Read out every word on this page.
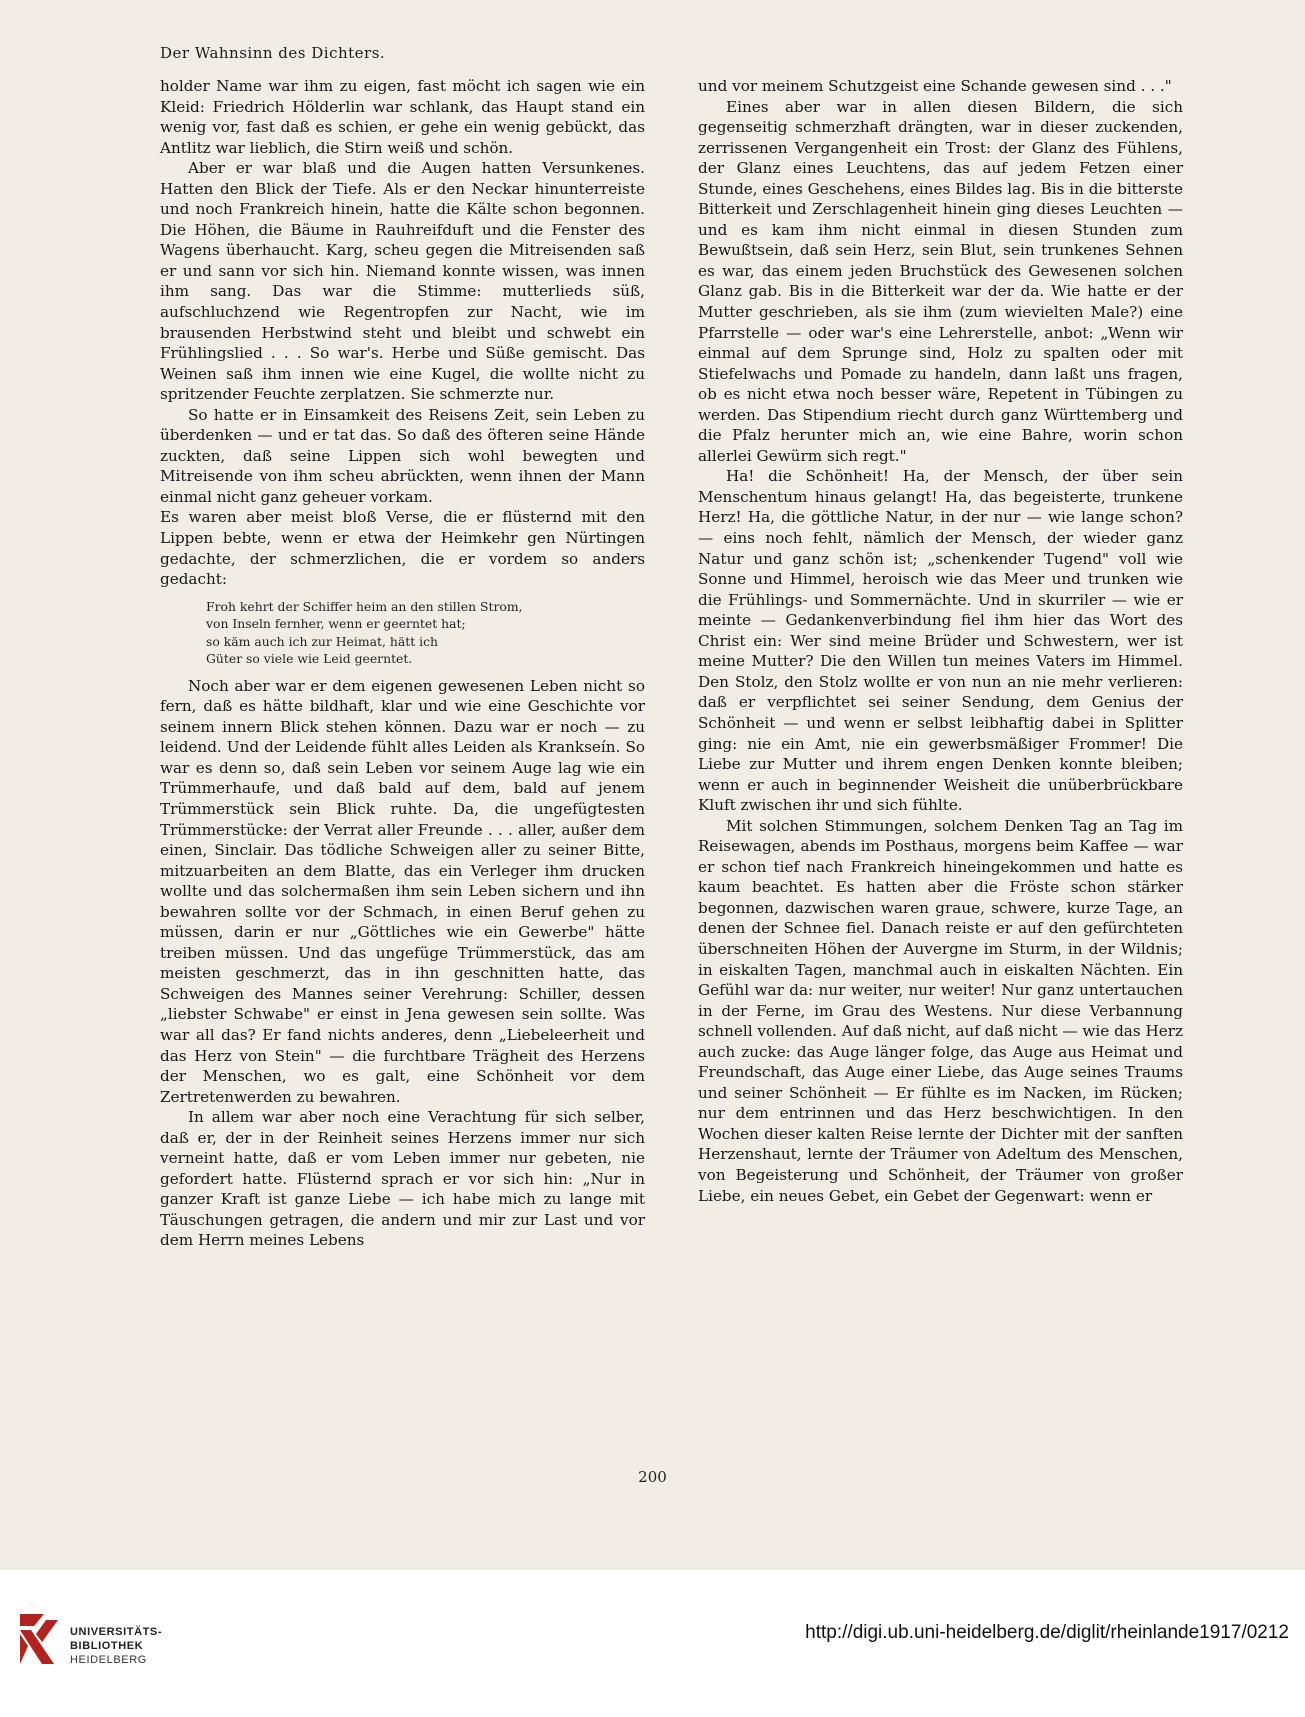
Der Wahnsinn des Dichters.

holder Name war ihm zu eigen, fast möcht ich sagen wie ein Kleid: Friedrich Hölderlin war schlank, das Haupt stand ein wenig vor, fast daß es schien, er gehe ein wenig gebückt, das Antlitz war lieblich, die Stirn weiß und schön.

Aber er war blaß und die Augen hatten Versunkenes. Hatten den Blick der Tiefe. Als er den Neckar hinunterreiste und noch Frankreich hinein, hatte die Kälte schon begonnen. Die Höhen, die Bäume in Rauhreifduft und die Fenster des Wagens überhaucht. Karg, scheu gegen die Mitreisenden saß er und sann vor sich hin. Niemand konnte wissen, was innen ihm sang. Das war die Stimme: mutterlieds süß, aufschluchzend wie Regentropfen zur Nacht, wie im brausenden Herbstwind steht und bleibt und schwebt ein Frühlingslied . . . So war's. Herbe und Süße gemischt. Das Weinen saß ihm innen wie eine Kugel, die wollte nicht zu spritzender Feuchte zerplatzen. Sie schmerzte nur.

So hatte er in Einsamkeit des Reisens Zeit, sein Leben zu überdenken — und er tat das. So daß des öfteren seine Hände zuckten, daß seine Lippen sich wohl bewegten und Mitreisende von ihm scheu abrückten, wenn ihnen der Mann einmal nicht ganz geheuer vorkam.

Es waren aber meist bloß Verse, die er flüsternd mit den Lippen bebte, wenn er etwa der Heimkehr gen Nürtingen gedachte, der schmerzlichen, die er vordem so anders gedacht:

Froh kehrt der Schiffer heim an den stillen Strom,
von Inseln fernher, wenn er geerntet hat;
so käm auch ich zur Heimat, hätt ich
Güter so viele wie Leid geerntet.

Noch aber war er dem eigenen gewesenen Leben nicht so fern, daß es hätte bildhaft, klar und wie eine Geschichte vor seinem innern Blick stehen können. Dazu war er noch — zu leidend. Und der Leidende fühlt alles Leiden als Krankseín. So war es denn so, daß sein Leben vor seinem Auge lag wie ein Trümmerhaufe, und daß bald auf dem, bald auf jenem Trümmerstück sein Blick ruhte. Da, die ungefügtesten Trümmerstücke: der Verrat aller Freunde . . . aller, außer dem einen, Sinclair. Das tödliche Schweigen aller zu seiner Bitte, mitzuarbeiten an dem Blatte, das ein Verleger ihm drucken wollte und das solchermaßen ihm sein Leben sichern und ihn bewahren sollte vor der Schmach, in einen Beruf gehen zu müssen, darin er nur „Göttliches wie ein Gewerbe" hätte treiben müssen. Und das ungefüge Trümmerstück, das am meisten geschmerzt, das in ihn geschnitten hatte, das Schweigen des Mannes seiner Verehrung: Schiller, dessen „liebster Schwabe" er einst in Jena gewesen sein sollte. Was war all das? Er fand nichts anderes, denn „Liebeleerheit und das Herz von Stein" — die furchtbare Trägheit des Herzens der Menschen, wo es galt, eine Schönheit vor dem Zertretenwerden zu bewahren.

In allem war aber noch eine Verachtung für sich selber, daß er, der in der Reinheit seines Herzens immer nur sich verneint hatte, daß er vom Leben immer nur gebeten, nie gefordert hatte. Flüsternd sprach er vor sich hin: „Nur in ganzer Kraft ist ganze Liebe — ich habe mich zu lange mit Täuschungen getragen, die andern und mir zur Last und vor dem Herrn meines Lebens

und vor meinem Schutzgeist eine Schande gewesen sind . . ."

Eines aber war in allen diesen Bildern, die sich gegenseitig schmerzhaft drängten, war in dieser zuckenden, zerrissenen Vergangenheit ein Trost: der Glanz des Fühlens, der Glanz eines Leuchtens, das auf jedem Fetzen einer Stunde, eines Geschehens, eines Bildes lag. Bis in die bitterste Bitterkeit und Zerschlagenheit hinein ging dieses Leuchten — und es kam ihm nicht einmal in diesen Stunden zum Bewußtsein, daß sein Herz, sein Blut, sein trunkenes Sehnen es war, das einem jeden Bruchstück des Gewesenen solchen Glanz gab. Bis in die Bitterkeit war der da. Wie hatte er der Mutter geschrieben, als sie ihm (zum wievielten Male?) eine Pfarrstelle — oder war's eine Lehrerstelle, anbot: „Wenn wir einmal auf dem Sprunge sind, Holz zu spalten oder mit Stiefelwachs und Pomade zu handeln, dann laßt uns fragen, ob es nicht etwa noch besser wäre, Repetent in Tübingen zu werden. Das Stipendium riecht durch ganz Württemberg und die Pfalz herunter mich an, wie eine Bahre, worin schon allerlei Gewürm sich regt."

Ha! die Schönheit! Ha, der Mensch, der über sein Menschentum hinaus gelangt! Ha, das begeisterte, trunkene Herz! Ha, die göttliche Natur, in der nur — wie lange schon? — eins noch fehlt, nämlich der Mensch, der wieder ganz Natur und ganz schön ist; „schenkender Tugend" voll wie Sonne und Himmel, heroisch wie das Meer und trunken wie die Frühlings- und Sommernächte. Und in skurriler — wie er meinte — Gedankenverbindung fiel ihm hier das Wort des Christ ein: Wer sind meine Brüder und Schwestern, wer ist meine Mutter? Die den Willen tun meines Vaters im Himmel. Den Stolz, den Stolz wollte er von nun an nie mehr verlieren: daß er verpflichtet sei seiner Sendung, dem Genius der Schönheit — und wenn er selbst leibhaftig dabei in Splitter ging: nie ein Amt, nie ein gewerbsmäßiger Frommer! Die Liebe zur Mutter und ihrem engen Denken konnte bleiben; wenn er auch in beginnender Weisheit die unüberbrückbare Kluft zwischen ihr und sich fühlte.

Mit solchen Stimmungen, solchem Denken Tag an Tag im Reisewagen, abends im Posthaus, morgens beim Kaffee — war er schon tief nach Frankreich hineingekommen und hatte es kaum beachtet. Es hatten aber die Fröste schon stärker begonnen, dazwischen waren graue, schwere, kurze Tage, an denen der Schnee fiel. Danach reiste er auf den gefürchteten überschneiten Höhen der Auvergne im Sturm, in der Wildnis; in eiskalten Tagen, manchmal auch in eiskalten Nächten. Ein Gefühl war da: nur weiter, nur weiter! Nur ganz untertauchen in der Ferne, im Grau des Westens. Nur diese Verbannung schnell vollenden. Auf daß nicht, auf daß nicht — wie das Herz auch zucke: das Auge länger folge, das Auge aus Heimat und Freundschaft, das Auge einer Liebe, das Auge seines Traums und seiner Schönheit — Er fühlte es im Nacken, im Rücken; nur dem entrinnen und das Herz beschwichtigen. In den Wochen dieser kalten Reise lernte der Dichter mit der sanften Herzenshaut, lernte der Träumer von Adeltum des Menschen, von Begeisterung und Schönheit, der Träumer von großer Liebe, ein neues Gebet, ein Gebet der Gegenwart: wenn er

200
UNIVERSITÄTS-
BIBLIOTHEK
HEIDELBERG
http://digi.ub.uni-heidelberg.de/diglit/rheinlande1917/0212
